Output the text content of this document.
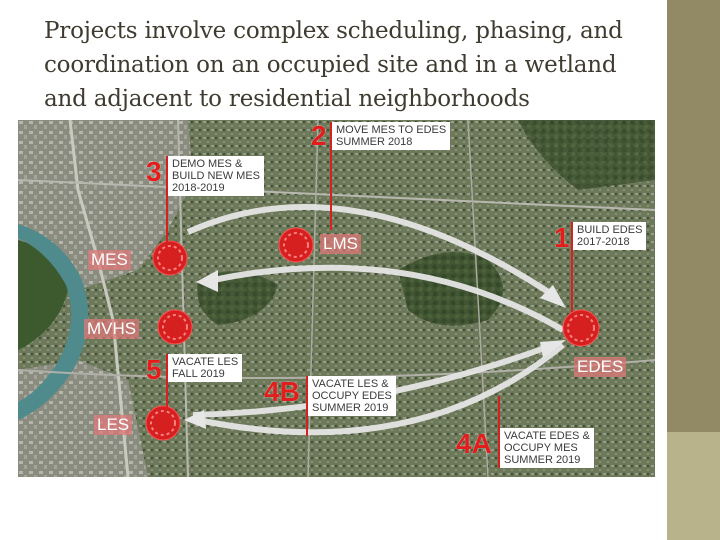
Projects involve complex scheduling, phasing, and
coordination on an occupied site and in a wetland
and adjacent to residential neighborhoods
2 MOVE MES TO EDES
SUMMER 2018
3 DEMO MES &
BUILD NEW MES
2018-2019
1 BUILD EDES
2017-2018
5 VACATE LES
FALL 2019
4B VACATE LES &
OCCUPY EDES
SUMMER 2019
4A VACATE EDES &
OCCUPY MES
SUMMER 2019
MES
LMS
MVHS
LES
EDES
